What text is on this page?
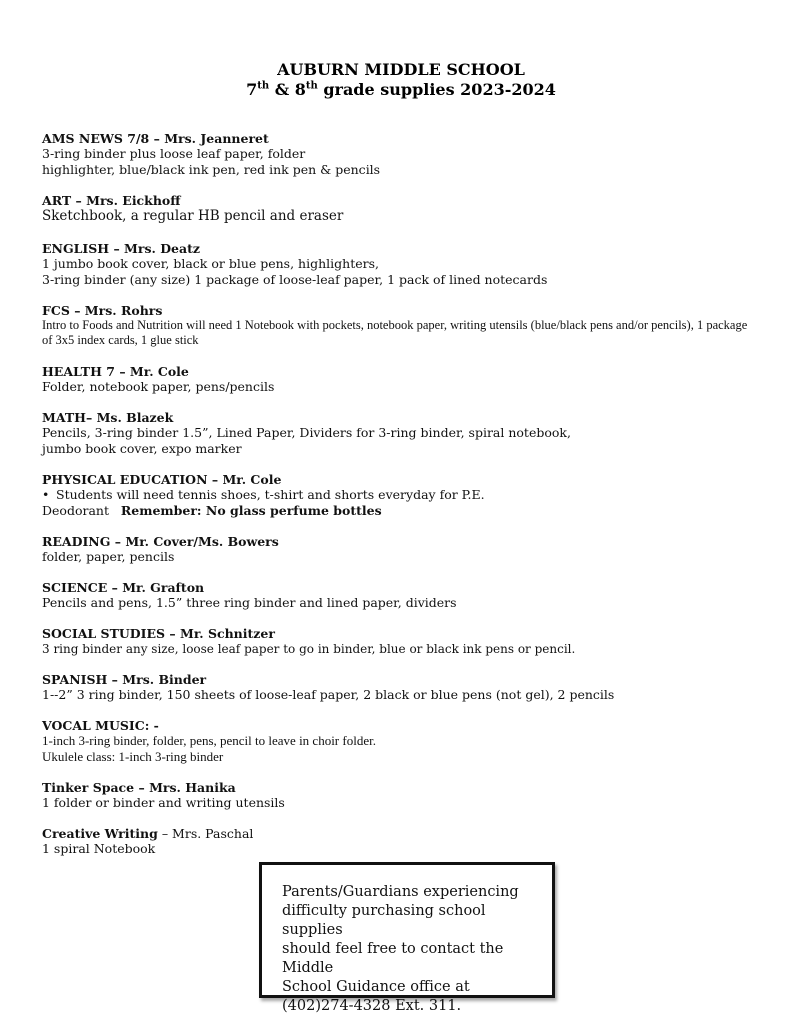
AUBURN MIDDLE SCHOOL
7th & 8th grade supplies 2023-2024
AMS NEWS 7/8 – Mrs. Jeanneret
3-ring binder plus loose leaf paper, folder
highlighter, blue/black ink pen, red ink pen & pencils
ART – Mrs. Eickhoff
Sketchbook, a regular HB pencil and eraser
ENGLISH – Mrs. Deatz
1 jumbo book cover, black or blue pens, highlighters,
3-ring binder (any size) 1 package of loose-leaf paper, 1 pack of lined notecards
FCS – Mrs. Rohrs
Intro to Foods and Nutrition will need 1 Notebook with pockets, notebook paper, writing utensils (blue/black pens and/or pencils), 1 package of 3x5 index cards, 1 glue stick
HEALTH 7 – Mr. Cole
Folder, notebook paper, pens/pencils
MATH– Ms. Blazek
Pencils, 3-ring binder 1.5”, Lined Paper, Dividers for 3-ring binder, spiral notebook,
jumbo book cover, expo marker
PHYSICAL EDUCATION – Mr. Cole
• Students will need tennis shoes, t-shirt and shorts everyday for P.E.
Deodorant Remember: No glass perfume bottles
READING – Mr. Cover/Ms. Bowers
folder, paper, pencils
SCIENCE – Mr. Grafton
Pencils and pens, 1.5” three ring binder and lined paper, dividers
SOCIAL STUDIES – Mr. Schnitzer
3 ring binder any size, loose leaf paper to go in binder, blue or black ink pens or pencil.
SPANISH – Mrs. Binder
1--2” 3 ring binder, 150 sheets of loose-leaf paper, 2 black or blue pens (not gel), 2 pencils
VOCAL MUSIC: -
1-inch 3-ring binder, folder, pens, pencil to leave in choir folder.
Ukulele class: 1-inch 3-ring binder
Tinker Space – Mrs. Hanika
1 folder or binder and writing utensils
Creative Writing – Mrs. Paschal
1 spiral Notebook
Parents/Guardians experiencing
difficulty purchasing school supplies
should feel free to contact the Middle
School Guidance office at
(402)274-4328 Ext. 311.
